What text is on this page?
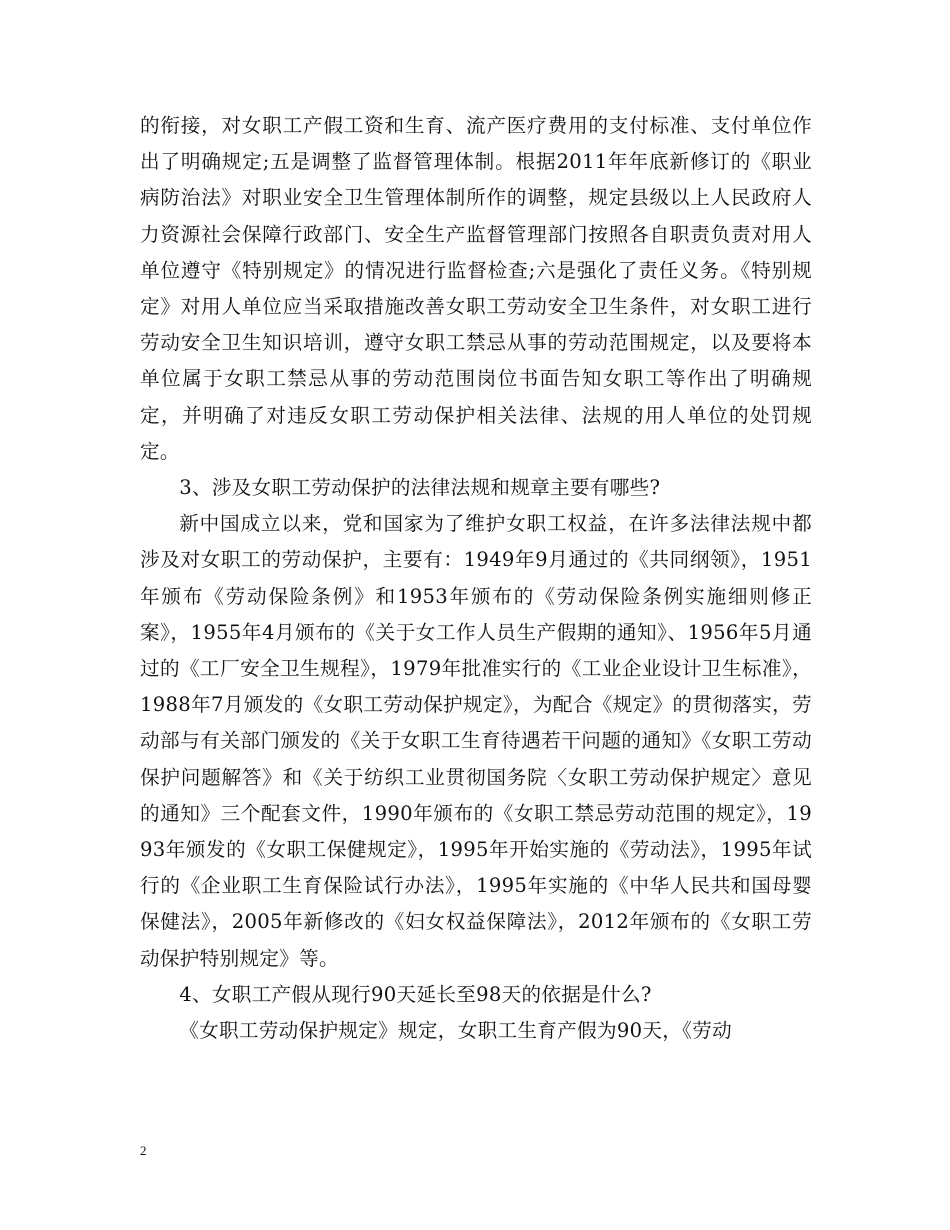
的衔接，对女职工产假工资和生育、流产医疗费用的支付标准、支付单位作出了明确规定;五是调整了监督管理体制。根据2011年年底新修订的《职业病防治法》对职业安全卫生管理体制所作的调整，规定县级以上人民政府人力资源社会保障行政部门、安全生产监督管理部门按照各自职责负责对用人单位遵守《特别规定》的情况进行监督检查;六是强化了责任义务。《特别规定》对用人单位应当采取措施改善女职工劳动安全卫生条件，对女职工进行劳动安全卫生知识培训，遵守女职工禁忌从事的劳动范围规定，以及要将本单位属于女职工禁忌从事的劳动范围岗位书面告知女职工等作出了明确规定，并明确了对违反女职工劳动保护相关法律、法规的用人单位的处罚规定。

3、涉及女职工劳动保护的法律法规和规章主要有哪些?

新中国成立以来，党和国家为了维护女职工权益，在许多法律法规中都涉及对女职工的劳动保护，主要有：1949年9月通过的《共同纲领》，1951年颁布《劳动保险条例》和1953年颁布的《劳动保险条例实施细则修正案》，1955年4月颁布的《关于女工作人员生产假期的通知》、1956年5月通过的《工厂安全卫生规程》，1979年批准实行的《工业企业设计卫生标准》，1988年7月颁发的《女职工劳动保护规定》，为配合《规定》的贯彻落实，劳动部与有关部门颁发的《关于女职工生育待遇若干问题的通知》《女职工劳动保护问题解答》和《关于纺织工业贯彻国务院〈女职工劳动保护规定〉意见的通知》三个配套文件，1990年颁布的《女职工禁忌劳动范围的规定》，1993年颁发的《女职工保健规定》，1995年开始实施的《劳动法》，1995年试行的《企业职工生育保险试行办法》，1995年实施的《中华人民共和国母婴保健法》，2005年新修改的《妇女权益保障法》，2012年颁布的《女职工劳动保护特别规定》等。

4、女职工产假从现行90天延长至98天的依据是什么?

《女职工劳动保护规定》规定，女职工生育产假为90天，《劳动

2
